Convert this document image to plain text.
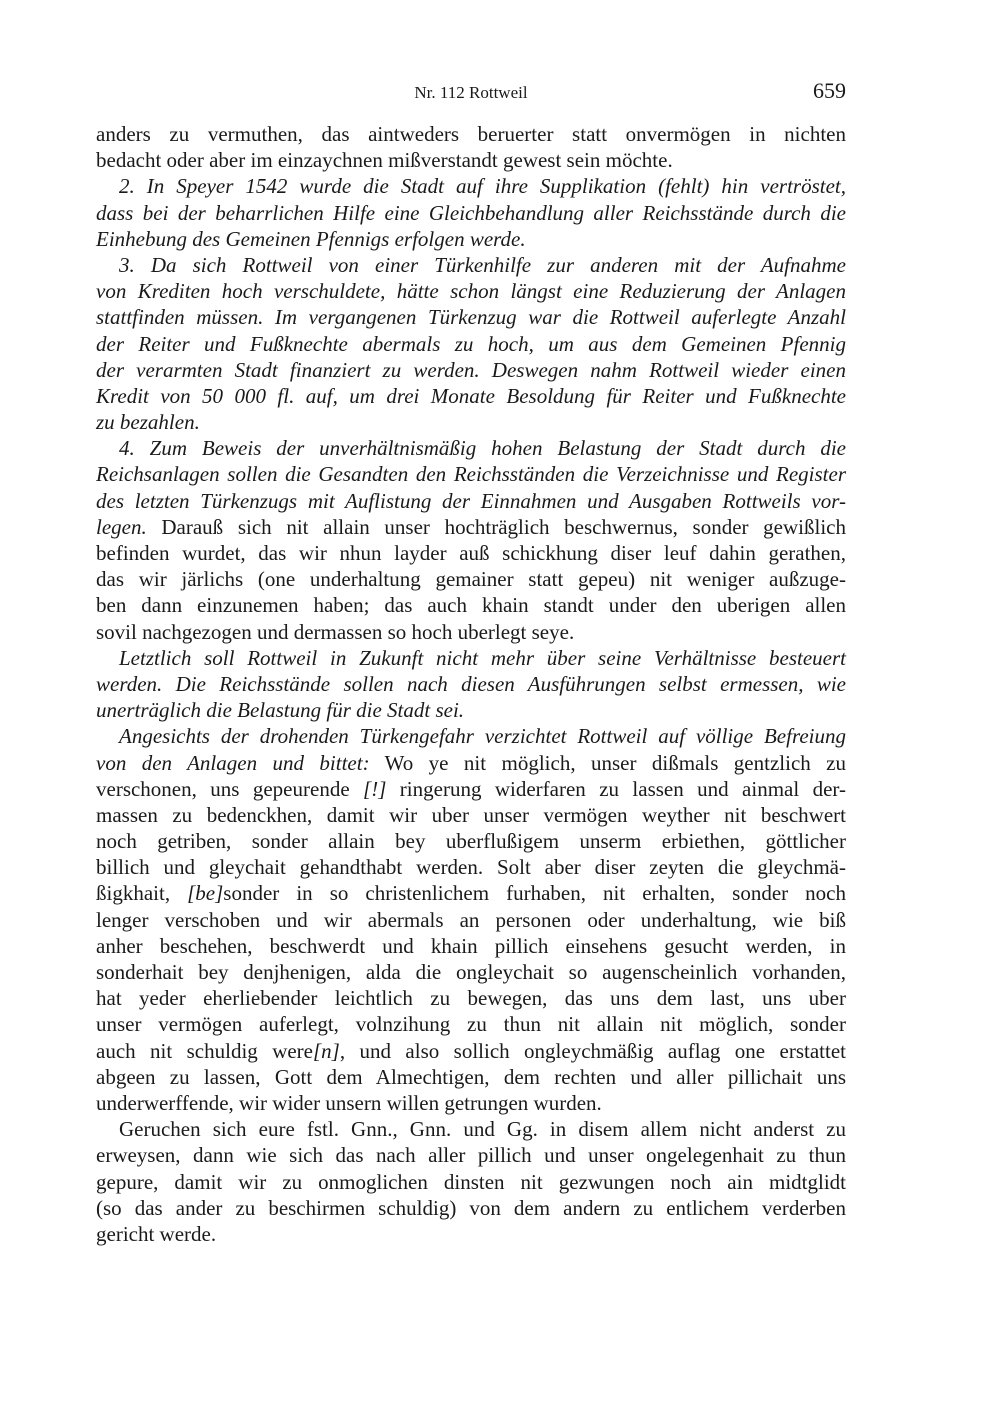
Nr. 112 Rottweil	659
anders zu vermuthen, das aintweders beruerter statt onvermögen in nichten
bedacht oder aber im einzaychnen mißverstandt gewest sein möchte.
2. In Speyer 1542 wurde die Stadt auf ihre Supplikation (fehlt) hin vertröstet,
dass bei der beharrlichen Hilfe eine Gleichbehandlung aller Reichsstände durch die
Einhebung des Gemeinen Pfennigs erfolgen werde.
3. Da sich Rottweil von einer Türkenhilfe zur anderen mit der Aufnahme
von Krediten hoch verschuldete, hätte schon längst eine Reduzierung der Anlagen
stattfinden müssen. Im vergangenen Türkenzug war die Rottweil auferlegte Anzahl
der Reiter und Fußknechte abermals zu hoch, um aus dem Gemeinen Pfennig
der verarmten Stadt finanziert zu werden. Deswegen nahm Rottweil wieder einen
Kredit von 50 000 fl. auf, um drei Monate Besoldung für Reiter und Fußknechte
zu bezahlen.
4. Zum Beweis der unverhältnismäßig hohen Belastung der Stadt durch die
Reichsanlagen sollen die Gesandten den Reichsständen die Verzeichnisse und Register
des letzten Türkenzugs mit Auflistung der Einnahmen und Ausgaben Rottweils vor-
legen. Darauß sich nit allain unser hochträglich beschwernus, sonder gewißlich
befinden wurdet, das wir nhun layder auß schickhung diser leuf dahin gerathen,
das wir järlichs (one underhaltung gemainer statt gepeu) nit weniger außzuge-
ben dann einzunemen haben; das auch khain standt under den uberigen allen
sovil nachgezogen und dermassen so hoch uberlegt seye.
Letztlich soll Rottweil in Zukunft nicht mehr über seine Verhältnisse besteuert
werden. Die Reichsstände sollen nach diesen Ausführungen selbst ermessen, wie
unerträglich die Belastung für die Stadt sei.
Angesichts der drohenden Türkengefahr verzichtet Rottweil auf völlige Befreiung
von den Anlagen und bittet: Wo ye nit möglich, unser dißmals gentzlich zu
verschonen, uns gepeurende [!] ringerung widerfaren zu lassen und ainmal der-
massen zu bedenckhen, damit wir uber unser vermögen weyther nit beschwert
noch getriben, sonder allain bey uberflußigem unserm erbiethen, göttlicher
billich und gleychait gehandthabt werden. Solt aber diser zeyten die gleychmä-
ßigkhait, [be]sonder in so christenlichem furhaben, nit erhalten, sonder noch
lenger verschoben und wir abermals an personen oder underhaltung, wie biß
anher beschehen, beschwerdt und khain pillich einsehens gesucht werden, in
sonderhait bey denjhenigen, alda die ongleychait so augenscheinlich vorhanden,
hat yeder eherliebender leichtlich zu bewegen, das uns dem last, uns uber
unser vermögen auferlegt, volnzihung zu thun nit allain nit möglich, sonder
auch nit schuldig were[n], und also sollich ongleychmäßig auflag one erstattet
abgeen zu lassen, Gott dem Almechtigen, dem rechten und aller pillichait uns
underwerffende, wir wider unsern willen getrungen wurden.
Geruchen sich eure fstl. Gnn., Gnn. und Gg. in disem allem nicht anderst zu
erweysen, dann wie sich das nach aller pillich und unser ongelegenhait zu thun
gepure, damit wir zu onmoglichen dinsten nit gezwungen noch ain midtglidt
(so das ander zu beschirmen schuldig) von dem andern zu entlichem verderben
gericht werde.
